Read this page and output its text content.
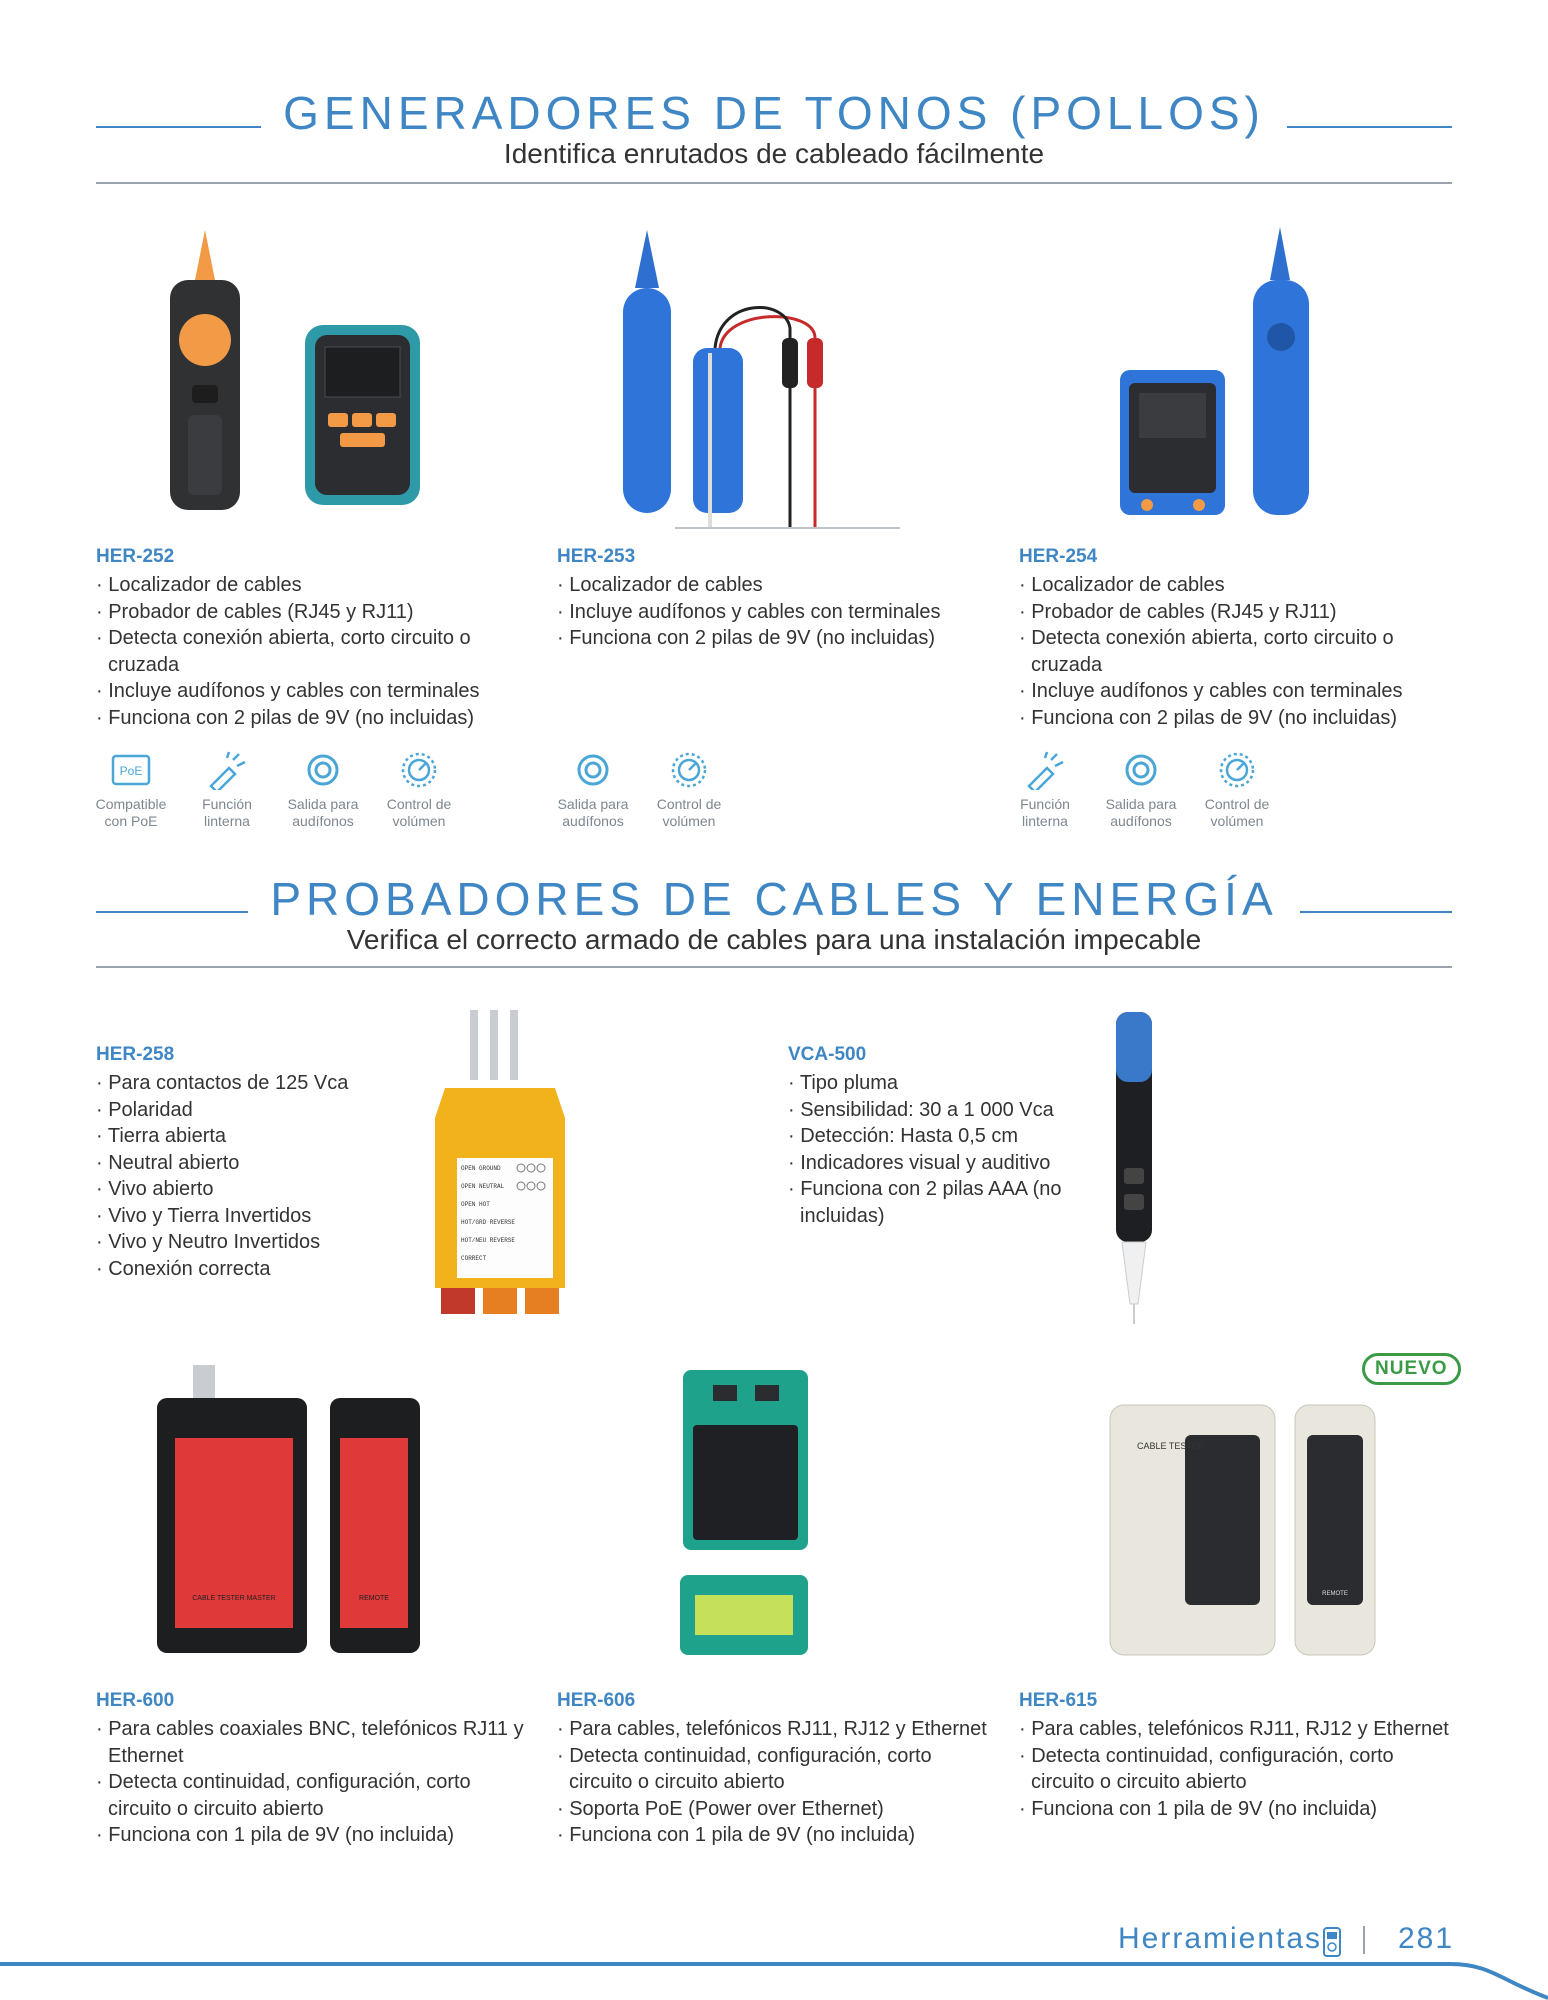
GENERADORES DE TONOS (POLLOS)
Identifica enrutados de cableado fácilmente
HER-252
· Localizador de cables
· Probador de cables (RJ45 y RJ11)
· Detecta conexión abierta, corto circuito o cruzada
· Incluye audífonos y cables con terminales
· Funciona con 2 pilas de 9V (no incluidas)
HER-253
· Localizador de cables
· Incluye audífonos y cables con terminales
· Funciona con 2 pilas de 9V (no incluidas)
HER-254
· Localizador de cables
· Probador de cables (RJ45 y RJ11)
· Detecta conexión abierta, corto circuito o cruzada
· Incluye audífonos y cables con terminales
· Funciona con 2 pilas de 9V (no incluidas)
PoE
Compatible
con PoE
Función
linterna
Salida para
audífonos
Control de
volúmen
Salida para
audífonos
Control de
volúmen
Función
linterna
Salida para
audífonos
Control de
volúmen
PROBADORES DE CABLES Y ENERGÍA
Verifica el correcto armado de cables para una instalación impecable
HER-258
· Para contactos de 125 Vca
· Polaridad
· Tierra abierta
· Neutral abierto
· Vivo abierto
· Vivo y Tierra Invertidos
· Vivo y Neutro Invertidos
· Conexión correcta
OPEN GROUND
OPEN NEUTRAL
OPEN HOT
HOT/GRD REVERSE
HOT/NEU REVERSE
CORRECT
VCA-500
· Tipo pluma
· Sensibilidad: 30 a 1 000 Vca
· Detección: Hasta 0,5 cm
· Indicadores visual y auditivo
· Funciona con 2 pilas AAA (no incluidas)
CABLE TESTER MASTER	REMOTE
NUEVO
CABLE TESTER
REMOTE
HER-600
· Para cables coaxiales BNC, telefónicos RJ11 y Ethernet
· Detecta continuidad, configuración, corto circuito o circuito abierto
· Funciona con 1 pila de 9V (no incluida)
HER-606
· Para cables, telefónicos RJ11, RJ12 y Ethernet
· Detecta continuidad, configuración, corto circuito o circuito abierto
· Soporta PoE (Power over Ethernet)
· Funciona con 1 pila de 9V (no incluida)
HER-615
· Para cables, telefónicos RJ11, RJ12 y Ethernet
· Detecta continuidad, configuración, corto circuito o circuito abierto
· Funciona con 1 pila de 9V (no incluida)
Herramientas	281
